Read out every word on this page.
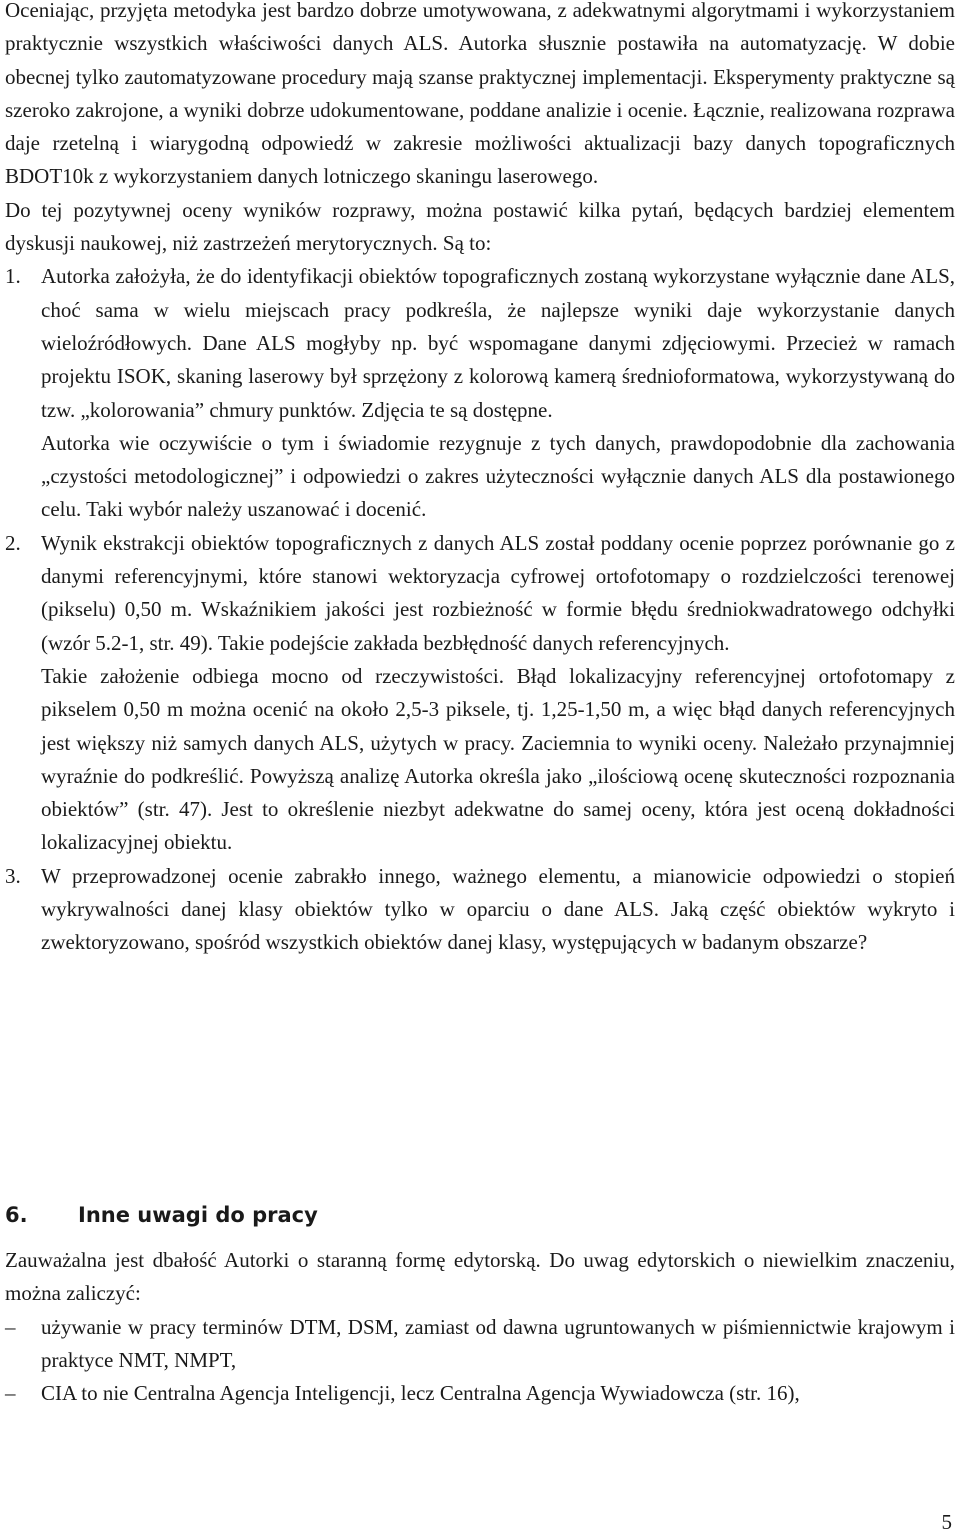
Oceniając, przyjęta metodyka jest bardzo dobrze umotywowana, z adekwatnymi algorytmami i wykorzystaniem praktycznie wszystkich właściwości danych ALS. Autorka słusznie postawiła na automatyzację. W dobie obecnej tylko zautomatyzowane procedury mają szanse praktycznej implementacji. Eksperymenty praktyczne są szeroko zakrojone, a wyniki dobrze udokumentowane, poddane analizie i ocenie. Łącznie, realizowana rozprawa daje rzetelną i wiarygodną odpowiedź w zakresie możliwości aktualizacji bazy danych topograficznych BDOT10k z wykorzystaniem danych lotniczego skaningu laserowego.

Do tej pozytywnej oceny wyników rozprawy, można postawić kilka pytań, będących bardziej elementem dyskusji naukowej, niż zastrzeżeń merytorycznych. Są to:

1. Autorka założyła, że do identyfikacji obiektów topograficznych zostaną wykorzystane wyłącznie dane ALS, choć sama w wielu miejscach pracy podkreśla, że najlepsze wyniki daje wykorzystanie danych wieloźródłowych. Dane ALS mogłyby np. być wspomagane danymi zdjęciowymi. Przecież w ramach projektu ISOK, skaning laserowy był sprzężony z kolorową kamerą średnioformatowa, wykorzystywaną do tzw. „kolorowania” chmury punktów. Zdjęcia te są dostępne.

Autorka wie oczywiście o tym i świadomie rezygnuje z tych danych, prawdopodobnie dla zachowania „czystości metodologicznej” i odpowiedzi o zakres użyteczności wyłącznie danych ALS dla postawionego celu. Taki wybór należy uszanować i docenić.

2. Wynik ekstrakcji obiektów topograficznych z danych ALS został poddany ocenie poprzez porównanie go z danymi referencyjnymi, które stanowi wektoryzacja cyfrowej ortofotomapy o rozdzielczości terenowej (pikselu) 0,50 m. Wskaźnikiem jakości jest rozbieżność w formie błędu średniokwadratowego odchyłki (wzór 5.2-1, str. 49). Takie podejście zakłada bezbłędność danych referencyjnych.

Takie założenie odbiega mocno od rzeczywistości. Błąd lokalizacyjny referencyjnej ortofotomapy z pikselem 0,50 m można ocenić na około 2,5-3 piksele, tj. 1,25-1,50 m, a więc błąd danych referencyjnych jest większy niż samych danych ALS, użytych w pracy. Zaciemnia to wyniki oceny. Należało przynajmniej wyraźnie do podkreślić. Powyższą analizę Autorka określa jako „ilościową ocenę skuteczności rozpoznania obiektów” (str. 47). Jest to określenie niezbyt adekwatne do samej oceny, która jest oceną dokładności lokalizacyjnej obiektu.

3. W przeprowadzonej ocenie zabrakło innego, ważnego elementu, a mianowicie odpowiedzi o stopień wykrywalności danej klasy obiektów tylko w oparciu o dane ALS. Jaką część obiektów wykryto i zwektoryzowano, spośród wszystkich obiektów danej klasy, występujących w badanym obszarze?

6. Inne uwagi do pracy

Zauważalna jest dbałość Autorki o staranną formę edytorską. Do uwag edytorskich o niewielkim znaczeniu, można zaliczyć:

– używanie w pracy terminów DTM, DSM, zamiast od dawna ugruntowanych w piśmiennictwie krajowym i praktyce NMT, NMPT,

– CIA to nie Centralna Agencja Inteligencji, lecz Centralna Agencja Wywiadowcza (str. 16),

5
